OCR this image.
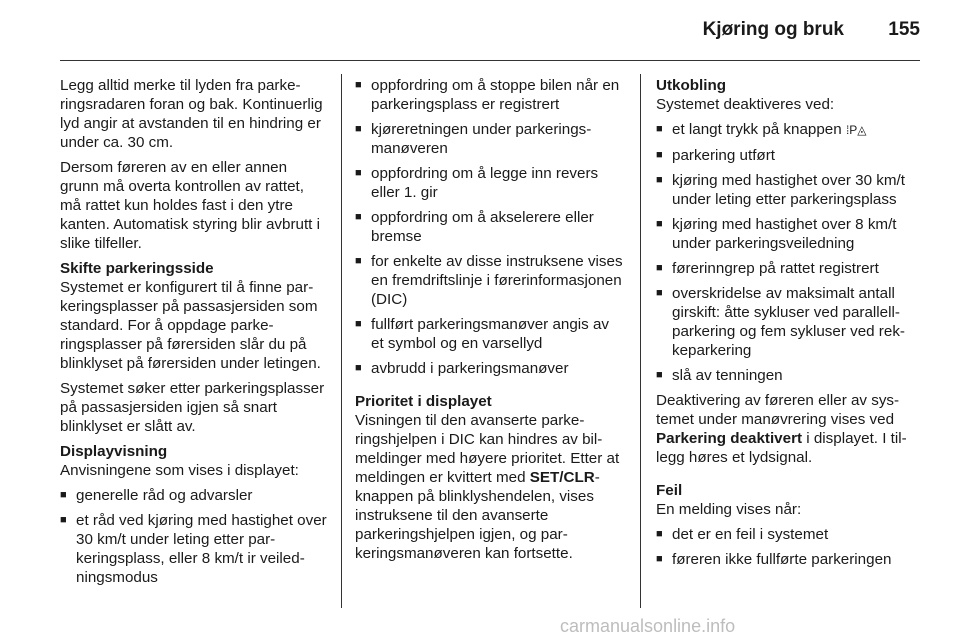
Kjøring og bruk 155

Legg alltid merke til lyden fra parkeringsradaren foran og bak. Kontinuerlig lyd angir at avstanden til en hindring er under ca. 30 cm.

Dersom føreren av en eller annen grunn må overta kontrollen av rattet, må rattet kun holdes fast i den ytre kanten. Automatisk styring blir avbrutt i slike tilfeller.

Skifte parkeringsside

Systemet er konfigurert til å finne parkeringsplasser på passasjersiden som standard. For å oppdage parkeringsplasser på førersiden slår du på blinklyset på førersiden under letingen.

Systemet søker etter parkeringsplasser på passasjersiden igjen så snart blinklyset er slått av.

Displayvisning

Anvisningene som vises i displayet:

■ generelle råd og advarsler
■ et råd ved kjøring med hastighet over 30 km/t under leting etter parkeringsplass, eller 8 km/t ir veiledningsmodus
■ oppfordring om å stoppe bilen når en parkeringsplass er registrert
■ kjøreretningen under parkeringsmanøveren
■ oppfordring om å legge inn revers eller 1. gir
■ oppfordring om å akselerere eller bremse
■ for enkelte av disse instruksene vises en fremdriftslinje i førerinformasjonen (DIC)
■ fullført parkeringsmanøver angis av et symbol og en varsellyd
■ avbrudd i parkeringsmanøver

Prioritet i displayet

Visningen til den avanserte parkeringshjelpen i DIC kan hindres av bilmeldinger med høyere prioritet. Etter at meldingen er kvittert med SET/CLR-knappen på blinklyshendelen, vises instruksene til den avanserte parkeringshjelpen igjen, og parkeringsmanøveren kan fortsette.

Utkobling

Systemet deaktiveres ved:

■ et langt trykk på knappen ⁞P◬
■ parkering utført
■ kjøring med hastighet over 30 km/t under leting etter parkeringsplass
■ kjøring med hastighet over 8 km/t under parkeringsveiledning
■ førerinngrep på rattet registrert
■ overskridelse av maksimalt antall girskift: åtte sykluser ved parallellparkering og fem sykluser ved rekkeparkering
■ slå av tenningen

Deaktivering av føreren eller av systemet under manøvrering vises ved Parkering deaktivert i displayet. I tillegg høres et lydsignal.

Feil

En melding vises når:

■ det er en feil i systemet
■ føreren ikke fullførte parkeringen
carmanualsonline.info
